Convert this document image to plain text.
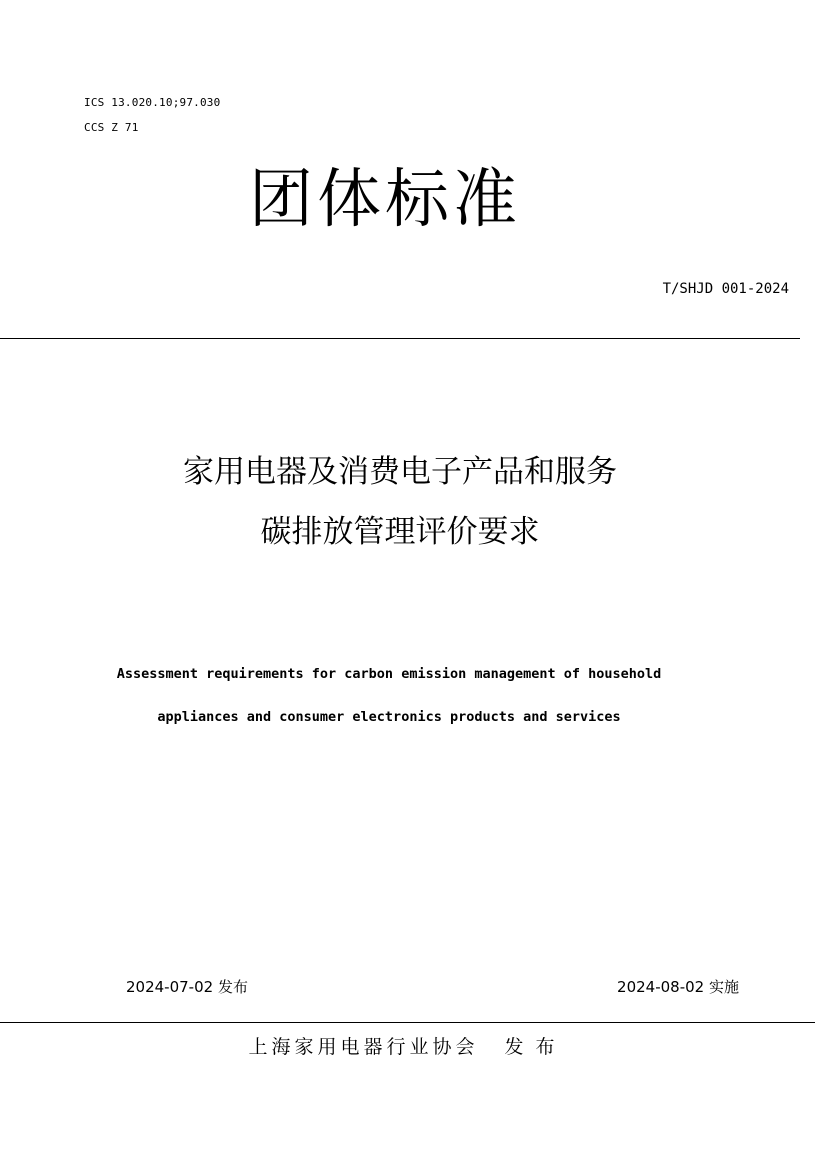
ICS 13.020.10;97.030
CCS Z 71
团体标准
T/SHJD 001-2024
家用电器及消费电子产品和服务
碳排放管理评价要求
Assessment requirements for carbon emission management of household
appliances and consumer electronics products and services
2024-07-02 发布	2024-08-02 实施
上海家用电器行业协会 发布
